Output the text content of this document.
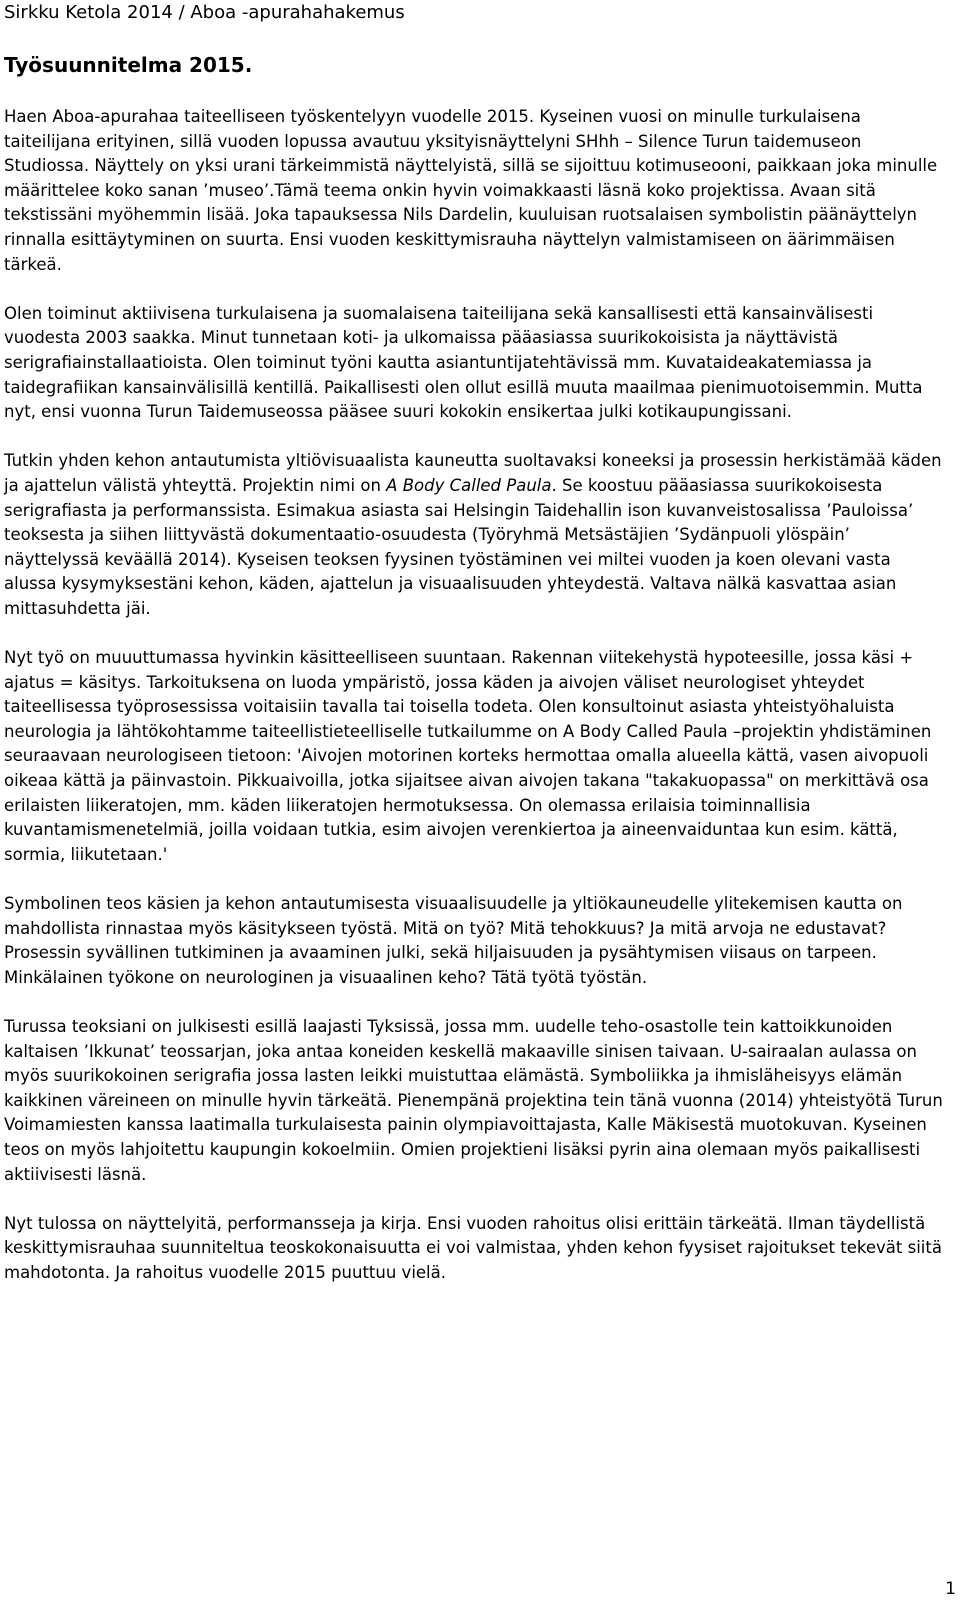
Sirkku Ketola 2014 / Aboa -apurahahakemus
Työsuunnitelma 2015.

Haen Aboa-apurahaa taiteelliseen työskentelyyn vuodelle 2015. Kyseinen vuosi on minulle turkulaisena taiteilijana erityinen, sillä vuoden lopussa avautuu yksityisnäyttelyni SHhh – Silence Turun taidemuseon Studiossa. Näyttely on yksi urani tärkeimmistä näyttelyistä, sillä se sijoittuu kotimuseooni, paikkaan joka minulle määrittelee koko sanan ’museo’.Tämä teema onkin hyvin voimakkaasti läsnä koko projektissa. Avaan sitä tekstissäni myöhemmin lisää. Joka tapauksessa Nils Dardelin, kuuluisan ruotsalaisen symbolistin päänäyttelyn rinnalla esittäytyminen on suurta. Ensi vuoden keskittymisrauha näyttelyn valmistamiseen on äärimmäisen tärkeä.

Olen toiminut aktiivisena turkulaisena ja suomalaisena taiteilijana sekä kansallisesti että kansainvälisesti vuodesta 2003 saakka. Minut tunnetaan koti- ja ulkomaissa pääasiassa suurikokoisista ja näyttävistä serigrafiainstallaatioista. Olen toiminut työni kautta asiantuntijatehtävissä mm. Kuvataideakatemiassa ja taidegrafiikan kansainvälisillä kentillä. Paikallisesti olen ollut esillä muuta maailmaa pienimuotoisemmin. Mutta nyt, ensi vuonna Turun Taidemuseossa pääsee suuri kokokin ensikertaa julki kotikaupungissani.

Tutkin yhden kehon antautumista yltiövisuaalista kauneutta suoltavaksi koneeksi ja prosessin herkistämää käden ja ajattelun välistä yhteyttä. Projektin nimi on A Body Called Paula. Se koostuu pääasiassa suurikokoisesta serigrafiasta ja performanssista. Esimakua asiasta sai Helsingin Taidehallin ison kuvanveistosalissa ’Pauloissa’ teoksesta ja siihen liittyvästä dokumentaatio-osuudesta (Työryhmä Metsästäjien ’Sydänpuoli ylöspäin’ näyttelyssä keväällä 2014). Kyseisen teoksen fyysinen työstäminen vei miltei vuoden ja koen olevani vasta alussa kysymyksestäni kehon, käden, ajattelun ja visuaalisuuden yhteydestä. Valtava nälkä kasvattaa asian mittasuhdetta jäi.

Nyt työ on muuuttumassa hyvinkin käsitteelliseen suuntaan. Rakennan viitekehystä hypoteesille, jossa käsi + ajatus = käsitys. Tarkoituksena on luoda ympäristö, jossa käden ja aivojen väliset neurologiset yhteydet taiteellisessa työprosessissa voitaisiin tavalla tai toisella todeta. Olen konsultoinut asiasta yhteistyöhaluista neurologia ja lähtökohtamme taiteellistieteelliselle tutkailumme on A Body Called Paula –projektin yhdistäminen seuraavaan neurologiseen tietoon: 'Aivojen motorinen korteks hermottaa omalla alueella kättä, vasen aivopuoli oikeaa kättä ja päinvastoin. Pikkuaivoilla, jotka sijaitsee aivan aivojen takana "takakuopassa" on merkittävä osa erilaisten liikeratojen, mm. käden liikeratojen hermotuksessa. On olemassa erilaisia toiminnallisia kuvantamismenetelmiä, joilla voidaan tutkia, esim aivojen verenkiertoa ja aineenvaiduntaa kun esim. kättä, sormia, liikutetaan.'

Symbolinen teos käsien ja kehon antautumisesta visuaalisuudelle ja yltiökauneudelle ylitekemisen kautta on mahdollista rinnastaa myös käsitykseen työstä. Mitä on työ? Mitä tehokkuus? Ja mitä arvoja ne edustavat? Prosessin syvällinen tutkiminen ja avaaminen julki, sekä hiljaisuuden ja pysähtymisen viisaus on tarpeen. Minkälainen työkone on neurologinen ja visuaalinen keho? Tätä työtä työstän.

Turussa teoksiani on julkisesti esillä laajasti Tyksissä, jossa mm. uudelle teho-osastolle tein kattoikkunoiden kaltaisen ’Ikkunat’ teossarjan, joka antaa koneiden keskellä makaaville sinisen taivaan. U-sairaalan aulassa on myös suurikokoinen serigrafia jossa lasten leikki muistuttaa elämästä. Symboliikka ja ihmisläheisyys elämän kaikkinen väreineen on minulle hyvin tärkeätä. Pienempänä projektina tein tänä vuonna (2014) yhteistyötä Turun Voimamiesten kanssa laatimalla turkulaisesta painin olympiavoittajasta, Kalle Mäkisestä muotokuvan. Kyseinen teos on myös lahjoitettu kaupungin kokoelmiin. Omien projektieni lisäksi pyrin aina olemaan myös paikallisesti aktiivisesti läsnä.

Nyt tulossa on näyttelyitä, performansseja ja kirja. Ensi vuoden rahoitus olisi erittäin tärkeätä. Ilman täydellistä keskittymisrauhaa suunniteltua teoskokonaisuutta ei voi valmistaa, yhden kehon fyysiset rajoitukset tekevät siitä mahdotonta. Ja rahoitus vuodelle 2015 puuttuu vielä.

1
